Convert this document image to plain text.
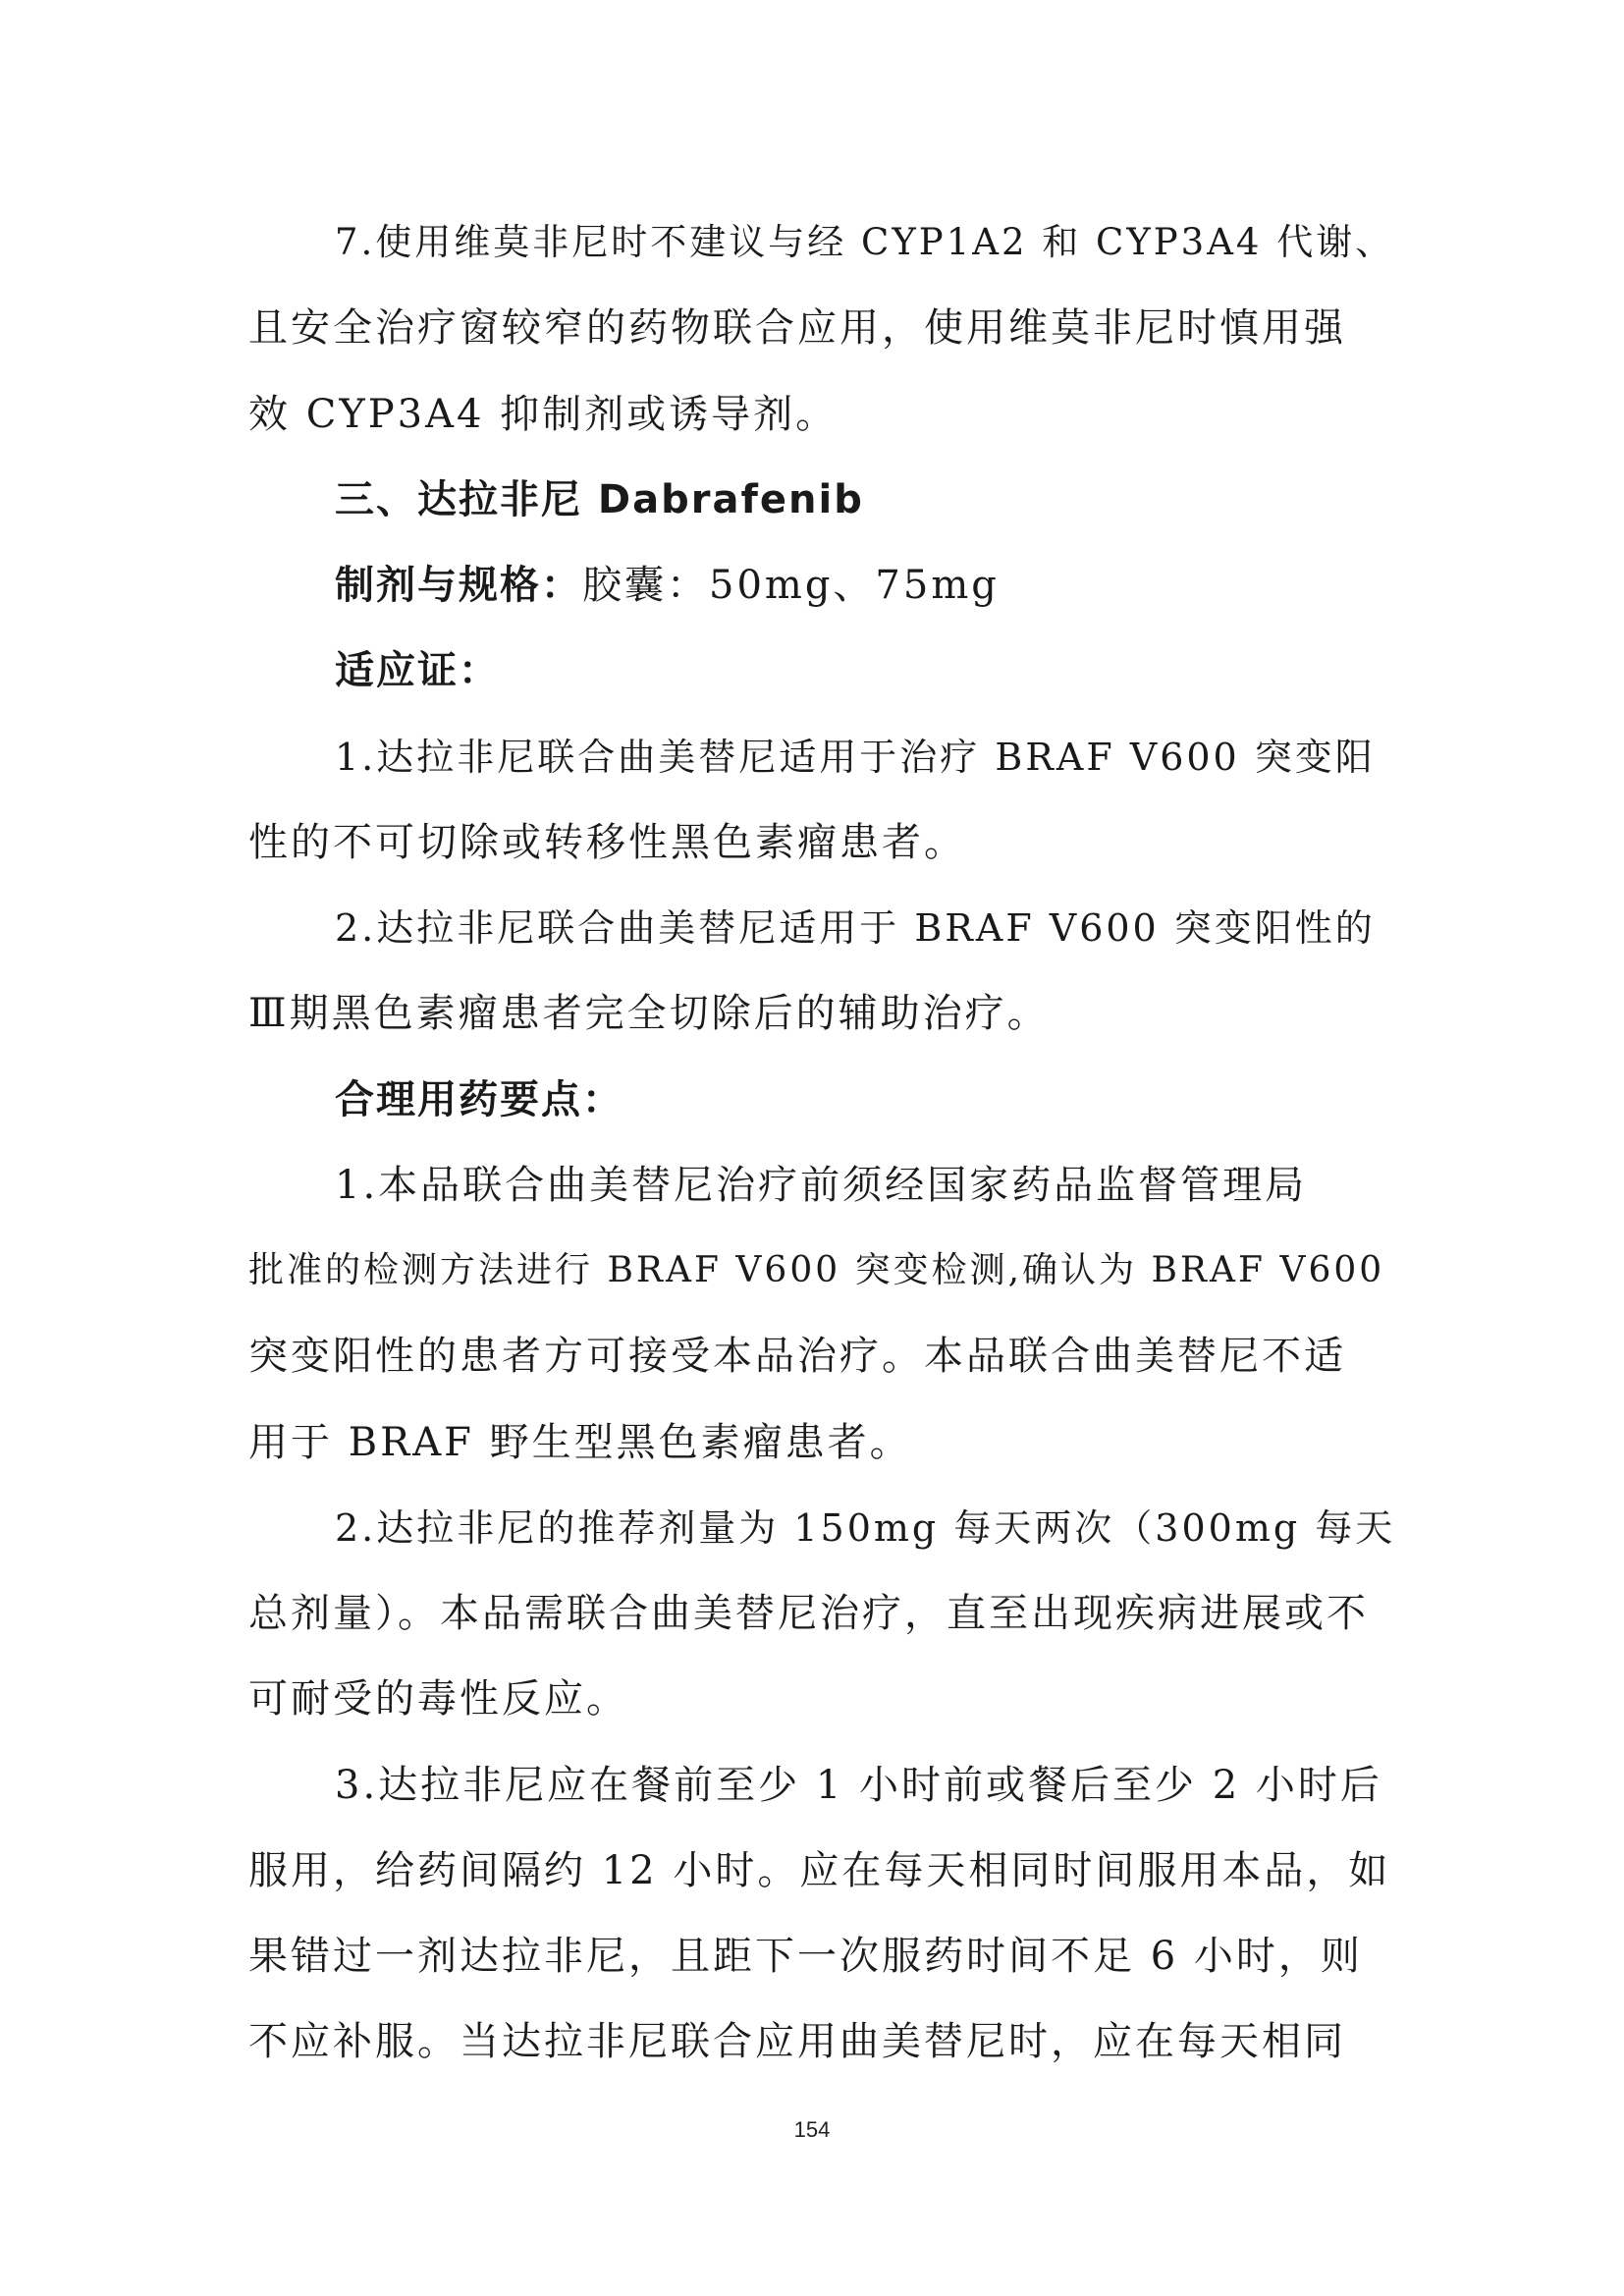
7.使用维莫非尼时不建议与经 CYP1A2 和 CYP3A4 代谢、
且安全治疗窗较窄的药物联合应用，使用维莫非尼时慎用强
效 CYP3A4 抑制剂或诱导剂。
三、达拉非尼 Dabrafenib
制剂与规格：胶囊：50mg、75mg
适应证：
1.达拉非尼联合曲美替尼适用于治疗 BRAF V600 突变阳
性的不可切除或转移性黑色素瘤患者。
2.达拉非尼联合曲美替尼适用于 BRAF V600 突变阳性的
Ⅲ期黑色素瘤患者完全切除后的辅助治疗。
合理用药要点：
1.本品联合曲美替尼治疗前须经国家药品监督管理局
批准的检测方法进行 BRAF V600 突变检测,确认为 BRAF V600
突变阳性的患者方可接受本品治疗。本品联合曲美替尼不适
用于 BRAF 野生型黑色素瘤患者。
2.达拉非尼的推荐剂量为 150mg 每天两次（300mg 每天
总剂量）。本品需联合曲美替尼治疗，直至出现疾病进展或不
可耐受的毒性反应。
3.达拉非尼应在餐前至少 1 小时前或餐后至少 2 小时后
服用，给药间隔约 12 小时。应在每天相同时间服用本品，如
果错过一剂达拉非尼，且距下一次服药时间不足 6 小时，则
不应补服。当达拉非尼联合应用曲美替尼时，应在每天相同
154
